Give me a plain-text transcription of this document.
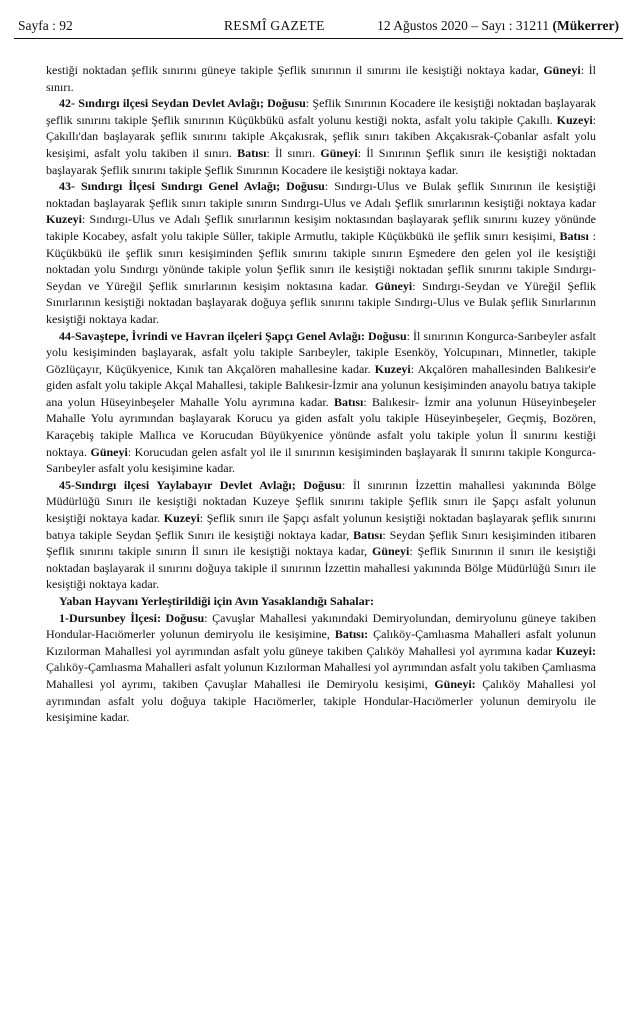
Sayfa : 92	RESMÎ GAZETE	12 Ağustos 2020 – Sayı : 31211 (Mükerrer)

kestiği noktadan şeflik sınırını güneye takiple Şeflik sınırının il sınırını ile kesiştiği noktaya kadar, Güneyi: İl sınırı.

42- Sındırgı ilçesi Seydan Devlet Avlağı; Doğusu: Şeflik Sınırının Kocadere ile kesiştiği noktadan başlayarak şeflik sınırını takiple Şeflik sınırının Küçükbükü asfalt yolunu kestiği nokta, asfalt yolu takiple Çakıllı. Kuzeyi: Çakıllı'dan başlayarak şeflik sınırını takiple Akçakısrak, şeflik sınırı takiben Akçakısrak-Çobanlar asfalt yolu kesişimi, asfalt yolu takiben il sınırı. Batısı: İl sınırı. Güneyi: İl Sınırının Şeflik sınırı ile kesiştiği noktadan başlayarak Şeflik sınırını takiple Şeflik Sınırının Kocadere ile kesiştiği noktaya kadar.

43- Sındırgı İlçesi Sındırgı Genel Avlağı; Doğusu: Sındırgı-Ulus ve Bulak şeflik Sınırının ile kesiştiği noktadan başlayarak Şeflik sınırı takiple sınırın Sındırgı-Ulus ve Adalı Şeflik sınırlarının kesiştiği noktaya kadar Kuzeyi: Sındırgı-Ulus ve Adalı Şeflik sınırlarının kesişim noktasından başlayarak şeflik sınırını kuzey yönünde takiple Kocabey, asfalt yolu takiple Süller, takiple Armutlu, takiple Küçükbükü ile şeflik sınırı kesişimi, Batısı : Küçükbükü ile şeflik sınırı kesişiminden Şeflik sınırını takiple sınırın Eşmedere den gelen yol ile kesiştiği noktadan yolu Sındırgı yönünde takiple yolun Şeflik sınırı ile kesiştiği noktadan şeflik sınırını takiple Sındırgı-Seydan ve Yüreğil Şeflik sınırlarının kesişim noktasına kadar. Güneyi: Sındırgı-Seydan ve Yüreğil Şeflik Sınırlarının kesiştiği noktadan başlayarak doğuya şeflik sınırını takiple Sındırgı-Ulus ve Bulak şeflik Sınırlarının kesiştiği noktaya kadar.

44-Savaştepe, İvrindi ve Havran ilçeleri Şapçı Genel Avlağı: Doğusu: İl sınırının Kongurca-Sarıbeyler asfalt yolu kesişiminden başlayarak, asfalt yolu takiple Sarıbeyler, takiple Esenköy, Yolcupınarı, Minnetler, takiple Gözlüçayır, Küçükyenice, Kınık tan Akçalören mahallesine kadar. Kuzeyi: Akçalören mahallesinden Balıkesir'e giden asfalt yolu takiple Akçal Mahallesi, takiple Balıkesir-İzmir ana yolunun kesişiminden anayolu batıya takiple ana yolun Hüseyinbeşeler Mahalle Yolu ayrımına kadar. Batısı: Balıkesir- İzmir ana yolunun Hüseyinbeşeler Mahalle Yolu ayrımından başlayarak Korucu ya giden asfalt yolu takiple Hüseyinbeşeler, Geçmiş, Bozören, Karaçebiş takiple Mallıca ve Korucudan Büyükyenice yönünde asfalt yolu takiple yolun İl sınırını kestiği noktaya. Güneyi: Korucudan gelen asfalt yol ile il sınırının kesişiminden başlayarak İl sınırını takiple Kongurca- Sarıbeyler asfalt yolu kesişimine kadar.

45-Sındırgı ilçesi Yaylabayır Devlet Avlağı; Doğusu: İl sınırının İzzettin mahallesi yakınında Bölge Müdürlüğü Sınırı ile kesiştiği noktadan Kuzeye Şeflik sınırını takiple Şeflik sınırı ile Şapçı asfalt yolunun kesiştiği noktaya kadar. Kuzeyi: Şeflik sınırı ile Şapçı asfalt yolunun kesiştiği noktadan başlayarak şeflik sınırını batıya takiple Seydan Şeflik Sınırı ile kesiştiği noktaya kadar, Batısı: Seydan Şeflik Sınırı kesişiminden itibaren Şeflik sınırını takiple sınırın İl sınırı ile kesiştiği noktaya kadar, Güneyi: Şeflik Sınırının il sınırı ile kesiştiği noktadan başlayarak il sınırını doğuya takiple il sınırının İzzettin mahallesi yakınında Bölge Müdürlüğü Sınırı ile kesiştiği noktaya kadar.

Yaban Hayvanı Yerleştirildiği için Avın Yasaklandığı Sahalar:

1-Dursunbey İlçesi: Doğusu: Çavuşlar Mahallesi yakınındaki Demiryolundan, demiryolunu güneye takiben Hondular-Hacıömerler yolunun demiryolu ile kesişimine, Batısı: Çalıköy-Çamlıasma Mahalleri asfalt yolunun Kızılorman Mahallesi yol ayrımından asfalt yolu güneye takiben Çalıköy Mahallesi yol ayrımına kadar Kuzeyi: Çalıköy-Çamlıasma Mahalleri asfalt yolunun Kızılorman Mahallesi yol ayrımından asfalt yolu takiben Çamlıasma Mahallesi yol ayrımı, takiben Çavuşlar Mahallesi ile Demiryolu kesişimi, Güneyi: Çalıköy Mahallesi yol ayrımından asfalt yolu doğuya takiple Hacıömerler, takiple Hondular-Hacıömerler yolunun demiryolu ile kesişimine kadar.
